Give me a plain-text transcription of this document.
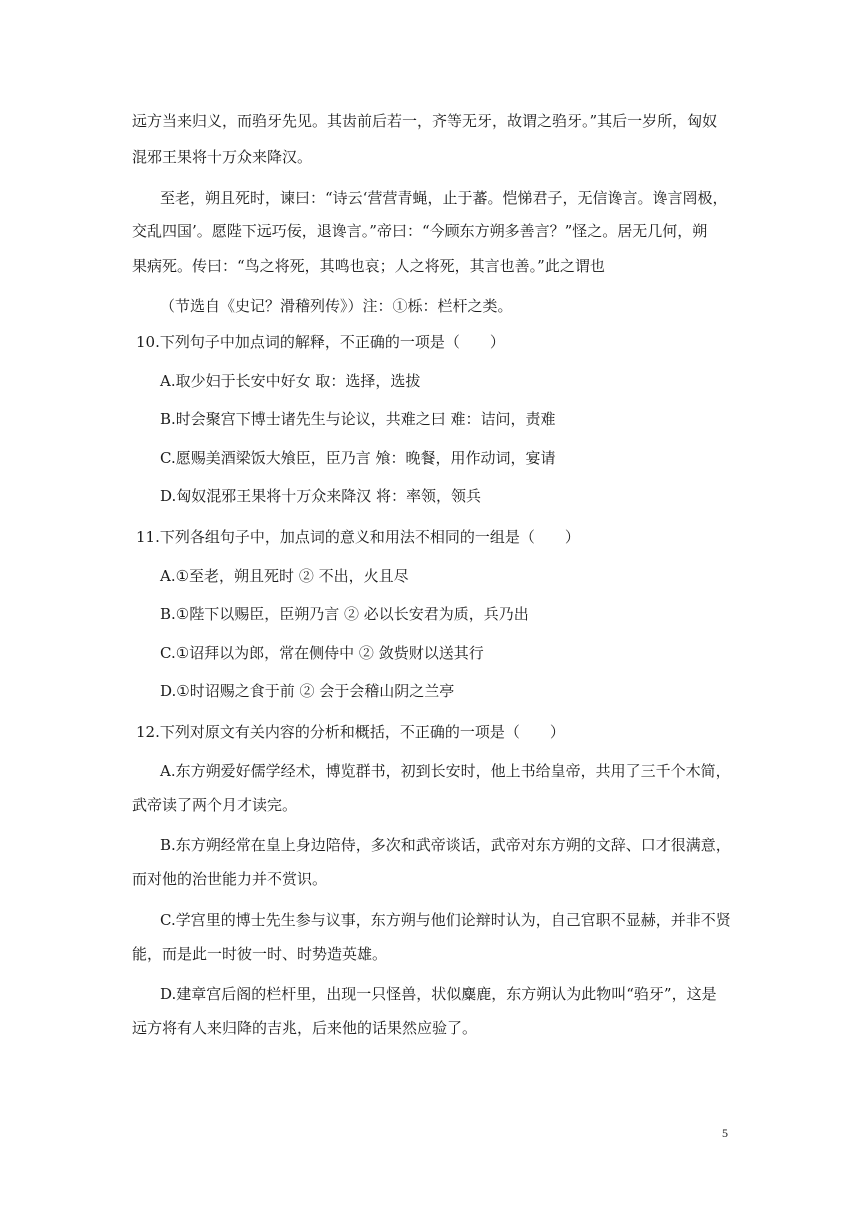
远方当来归义，而驺牙先见。其齿前后若一，齐等无牙，故谓之驺牙。”其后一岁所，匈奴
混邪王果将十万众来降汉。
至老，朔且死时，谏曰：“诗云‘营营青蝇，止于蕃。恺悌君子，无信谗言。谗言罔极，
交乱四国’。愿陛下远巧佞，退谗言。”帝曰：“今顾东方朔多善言？”怪之。居无几何，朔
果病死。传曰：“鸟之将死，其鸣也哀；人之将死，其言也善。”此之谓也
（节选自《史记？滑稽列传》）注：①栎：栏杆之类。
10.下列句子中加点词的解释，不正确的一项是（　　）
A.取少妇于长安中好女 取：选择，选拔
B.时会聚宫下博士诸先生与论议，共难之曰 难：诘问，责难
C.愿赐美酒梁饭大飧臣，臣乃言 飧：晚餐，用作动词，宴请
D.匈奴混邪王果将十万众来降汉 将：率领，领兵
11.下列各组句子中，加点词的意义和用法不相同的一组是（　　）
A.①至老，朔且死时 ② 不出，火且尽
B.①陛下以赐臣，臣朔乃言 ② 必以长安君为质，兵乃出
C.①诏拜以为郎，常在侧侍中 ② 敛赀财以送其行
D.①时诏赐之食于前 ② 会于会稽山阴之兰亭
12.下列对原文有关内容的分析和概括，不正确的一项是（　　）
A.东方朔爱好儒学经术，博览群书，初到长安时，他上书给皇帝，共用了三千个木简，
武帝读了两个月才读完。
B.东方朔经常在皇上身边陪侍，多次和武帝谈话，武帝对东方朔的文辞、口才很满意，
而对他的治世能力并不赏识。
C.学宫里的博士先生参与议事，东方朔与他们论辩时认为，自己官职不显赫，并非不贤
能，而是此一时彼一时、时势造英雄。
D.建章宫后阁的栏杆里，出现一只怪兽，状似麋鹿，东方朔认为此物叫“驺牙”，这是
远方将有人来归降的吉兆，后来他的话果然应验了。
5
